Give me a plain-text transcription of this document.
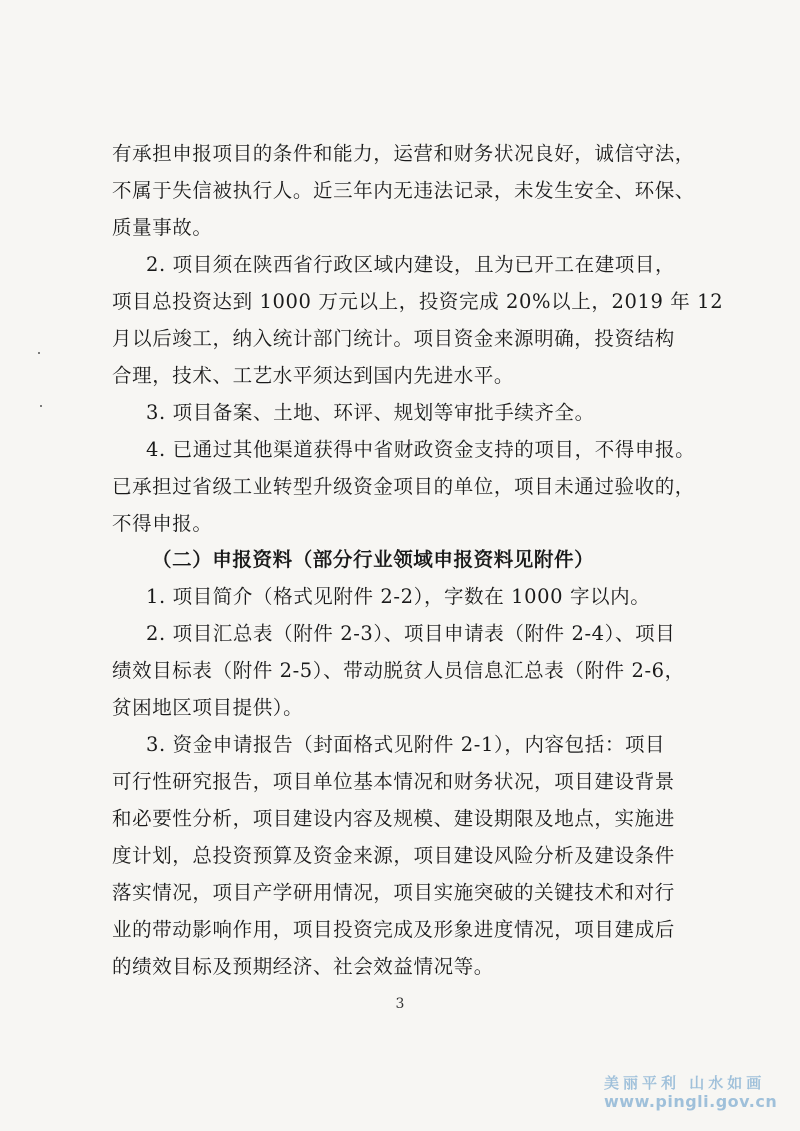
有承担申报项目的条件和能力，运营和财务状况良好，诚信守法，
不属于失信被执行人。近三年内无违法记录，未发生安全、环保、
质量事故。
2. 项目须在陕西省行政区域内建设，且为已开工在建项目，
项目总投资达到 1000 万元以上，投资完成 20%以上，2019 年 12
月以后竣工，纳入统计部门统计。项目资金来源明确，投资结构
合理，技术、工艺水平须达到国内先进水平。
3. 项目备案、土地、环评、规划等审批手续齐全。
4. 已通过其他渠道获得中省财政资金支持的项目，不得申报。
已承担过省级工业转型升级资金项目的单位，项目未通过验收的，
不得申报。
（二）申报资料（部分行业领域申报资料见附件）
1. 项目简介（格式见附件 2-2），字数在 1000 字以内。
2. 项目汇总表（附件 2-3）、项目申请表（附件 2-4）、项目
绩效目标表（附件 2-5）、带动脱贫人员信息汇总表（附件 2-6，
贫困地区项目提供）。
3. 资金申请报告（封面格式见附件 2-1），内容包括：项目
可行性研究报告，项目单位基本情况和财务状况，项目建设背景
和必要性分析，项目建设内容及规模、建设期限及地点，实施进
度计划，总投资预算及资金来源，项目建设风险分析及建设条件
落实情况，项目产学研用情况，项目实施突破的关键技术和对行
业的带动影响作用，项目投资完成及形象进度情况，项目建成后
的绩效目标及预期经济、社会效益情况等。
3
美丽平利 山水如画
www.pingli.gov.cn
